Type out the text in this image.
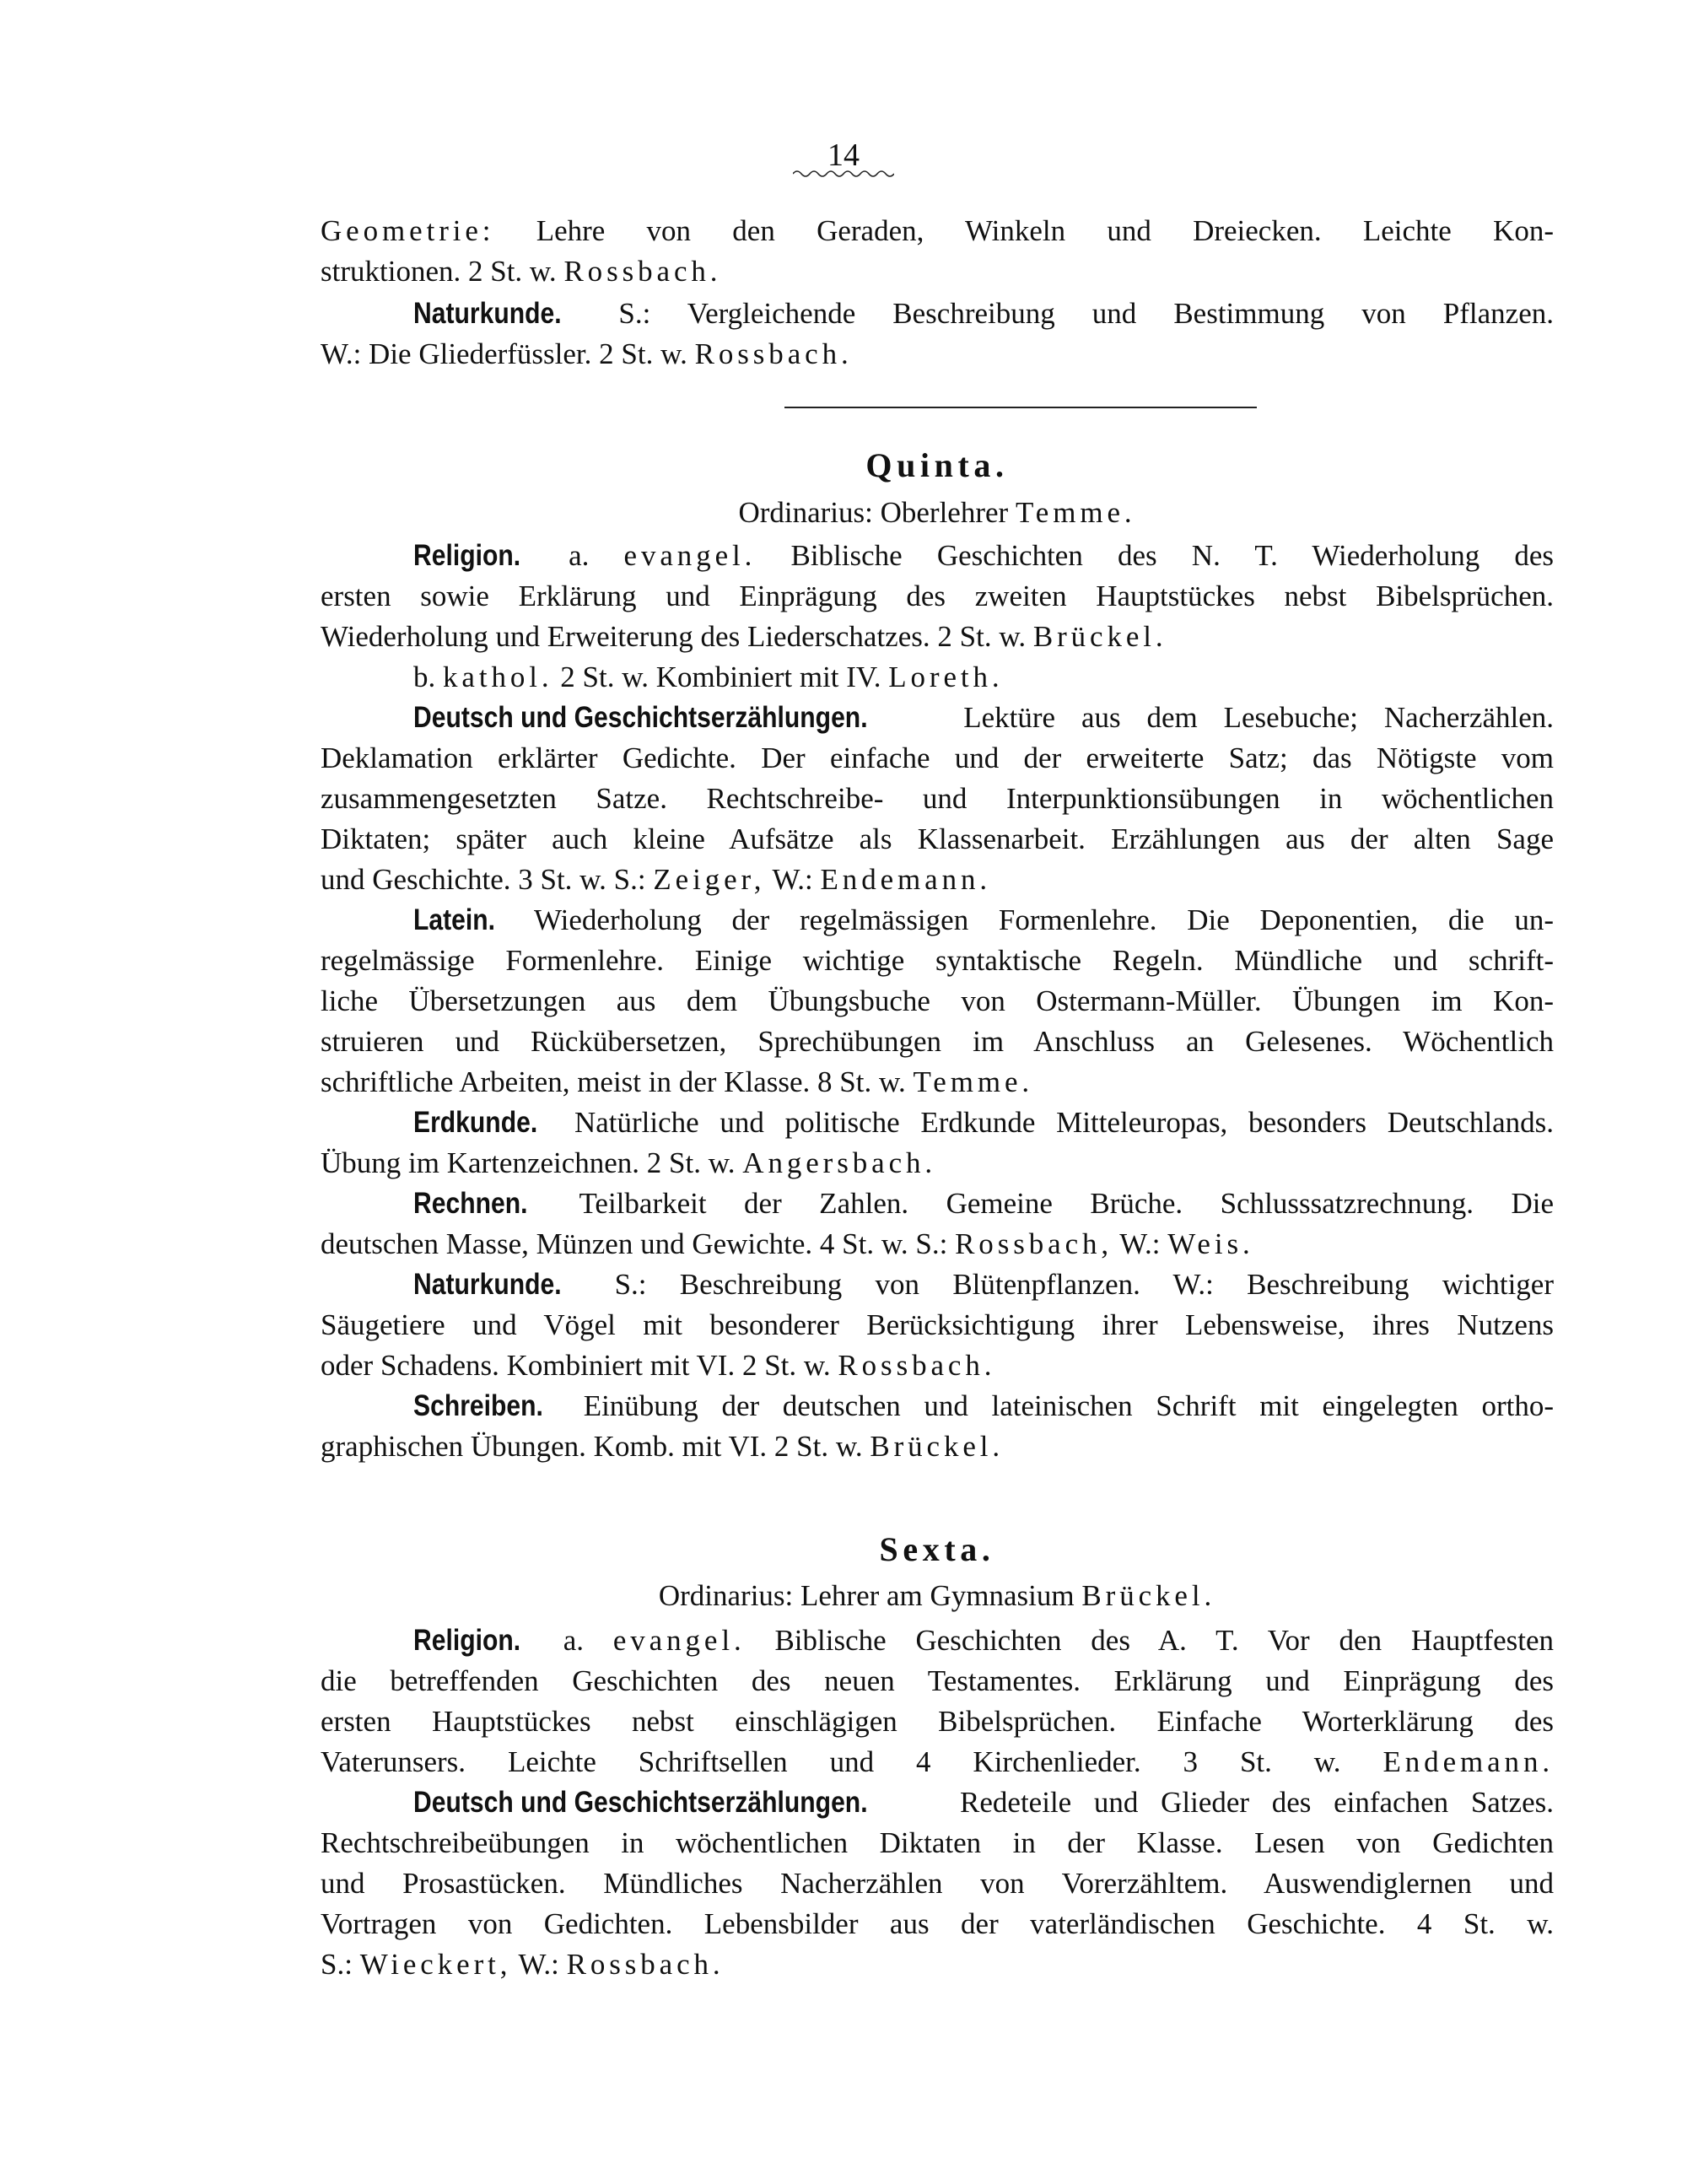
14
Geometrie: Lehre von den Geraden, Winkeln und Dreiecken. Leichte Kon-
struktionen. 2 St. w. Rossbach.
Naturkunde. S.: Vergleichende Beschreibung und Bestimmung von Pflanzen.
W.: Die Gliederfüssler. 2 St. w. Rossbach.
Quinta.
Ordinarius: Oberlehrer Temme.
Religion. a. evangel. Biblische Geschichten des N. T. Wiederholung des
ersten sowie Erklärung und Einprägung des zweiten Hauptstückes nebst Bibelsprüchen.
Wiederholung und Erweiterung des Liederschatzes. 2 St. w. Brückel.
b. kathol. 2 St. w. Kombiniert mit IV. Loreth.
Deutsch und Geschichtserzählungen.	Lektüre aus dem Lesebuche; Nacherzählen.
Deklamation erklärter Gedichte. Der einfache und der erweiterte Satz; das Nötigste vom
zusammengesetzten Satze. Rechtschreibe- und Interpunktionsübungen in wöchentlichen
Diktaten; später auch kleine Aufsätze als Klassenarbeit. Erzählungen aus der alten Sage
und Geschichte. 3 St. w. S.: Zeiger, W.: Endemann.
Latein. Wiederholung der regelmässigen Formenlehre. Die Deponentien, die un-
regelmässige Formenlehre. Einige wichtige syntaktische Regeln. Mündliche und schrift-
liche Übersetzungen aus dem Übungsbuche von Ostermann-Müller. Übungen im Kon-
struieren und Rückübersetzen, Sprechübungen im Anschluss an Gelesenes. Wöchentlich
schriftliche Arbeiten, meist in der Klasse. 8 St. w. Temme.
Erdkunde. Natürliche und politische Erdkunde Mitteleuropas, besonders Deutschlands.
Übung im Kartenzeichnen. 2 St. w. Angersbach.
Rechnen. Teilbarkeit der Zahlen. Gemeine Brüche. Schlusssatzrechnung. Die
deutschen Masse, Münzen und Gewichte. 4 St. w. S.: Rossbach, W.: Weis.
Naturkunde. S.: Beschreibung von Blütenpflanzen. W.: Beschreibung wichtiger
Säugetiere und Vögel mit besonderer Berücksichtigung ihrer Lebensweise, ihres Nutzens
oder Schadens. Kombiniert mit VI. 2 St. w. Rossbach.
Schreiben. Einübung der deutschen und lateinischen Schrift mit eingelegten ortho-
graphischen Übungen. Komb. mit VI. 2 St. w. Brückel.
Sexta.
Ordinarius: Lehrer am Gymnasium Brückel.
Religion. a. evangel. Biblische Geschichten des A. T. Vor den Hauptfesten
die betreffenden Geschichten des neuen Testamentes. Erklärung und Einprägung des
ersten Hauptstückes nebst einschlägigen Bibelsprüchen. Einfache Worterklärung des
Vaterunsers. Leichte Schriftsellen und 4 Kirchenlieder. 3 St. w. Endemann.
Deutsch und Geschichtserzählungen.	Redeteile und Glieder des einfachen Satzes.
Rechtschreibeübungen in wöchentlichen Diktaten in der Klasse. Lesen von Gedichten
und Prosastücken. Mündliches Nacherzählen von Vorerzähltem. Auswendiglernen und
Vortragen von Gedichten. Lebensbilder aus der vaterländischen Geschichte. 4 St. w.
S.: Wieckert, W.: Rossbach.
